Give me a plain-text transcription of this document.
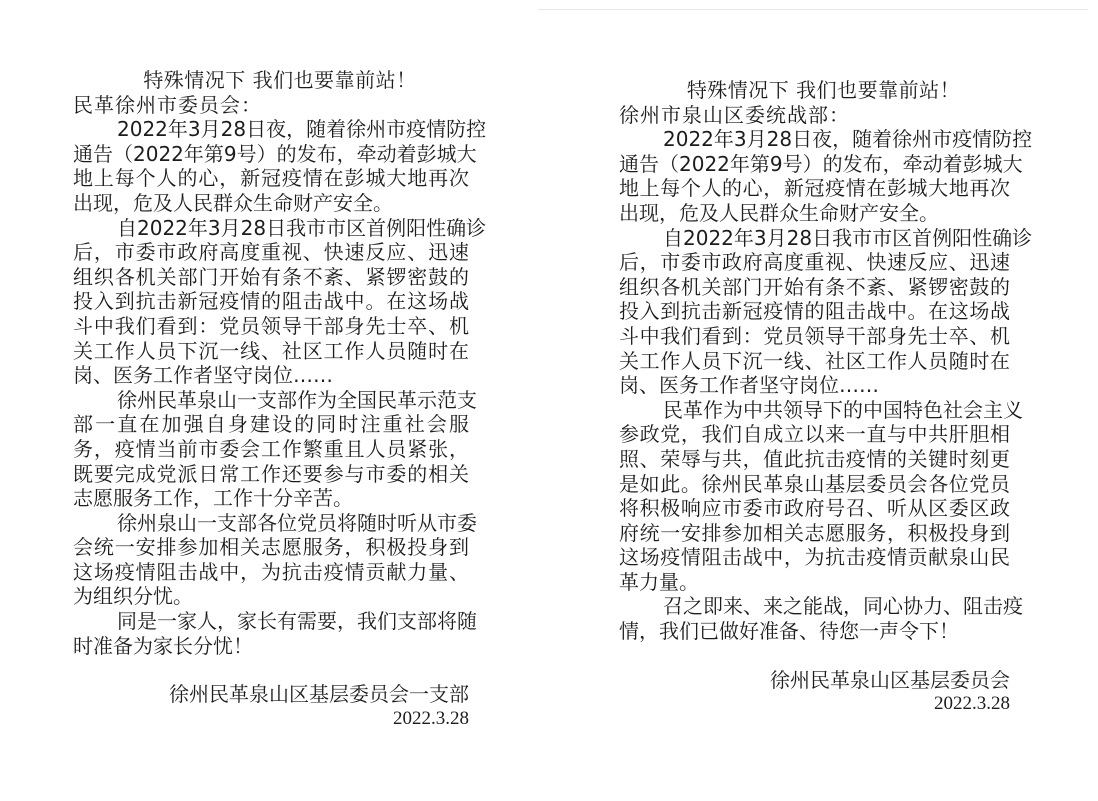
特殊情况下 我们也要靠前站！
民革徐州市委员会：
2022年3月28日夜，随着徐州市疫情防控
通告（2022年第9号）的发布，牵动着彭城大
地上每个人的心，新冠疫情在彭城大地再次
出现，危及人民群众生命财产安全。
自2022年3月28日我市市区首例阳性确诊
后，市委市政府高度重视、快速反应、迅速
组织各机关部门开始有条不紊、紧锣密鼓的
投入到抗击新冠疫情的阻击战中。在这场战
斗中我们看到：党员领导干部身先士卒、机
关工作人员下沉一线、社区工作人员随时在
岗、医务工作者坚守岗位……
徐州民革泉山一支部作为全国民革示范支
部一直在加强自身建设的同时注重社会服
务，疫情当前市委会工作繁重且人员紧张，
既要完成党派日常工作还要参与市委的相关
志愿服务工作，工作十分辛苦。
徐州泉山一支部各位党员将随时听从市委
会统一安排参加相关志愿服务，积极投身到
这场疫情阻击战中，为抗击疫情贡献力量、
为组织分忧。
同是一家人，家长有需要，我们支部将随
时准备为家长分忧！
徐州民革泉山区基层委员会一支部
2022.3.28
特殊情况下 我们也要靠前站！
徐州市泉山区委统战部：
2022年3月28日夜，随着徐州市疫情防控
通告（2022年第9号）的发布，牵动着彭城大
地上每个人的心，新冠疫情在彭城大地再次
出现，危及人民群众生命财产安全。
自2022年3月28日我市市区首例阳性确诊
后，市委市政府高度重视、快速反应、迅速
组织各机关部门开始有条不紊、紧锣密鼓的
投入到抗击新冠疫情的阻击战中。在这场战
斗中我们看到：党员领导干部身先士卒、机
关工作人员下沉一线、社区工作人员随时在
岗、医务工作者坚守岗位……
民革作为中共领导下的中国特色社会主义
参政党，我们自成立以来一直与中共肝胆相
照、荣辱与共，值此抗击疫情的关键时刻更
是如此。徐州民革泉山基层委员会各位党员
将积极响应市委市政府号召、听从区委区政
府统一安排参加相关志愿服务，积极投身到
这场疫情阻击战中，为抗击疫情贡献泉山民
革力量。
召之即来、来之能战，同心协力、阻击疫
情，我们已做好准备、待您一声令下！
徐州民革泉山区基层委员会
2022.3.28
